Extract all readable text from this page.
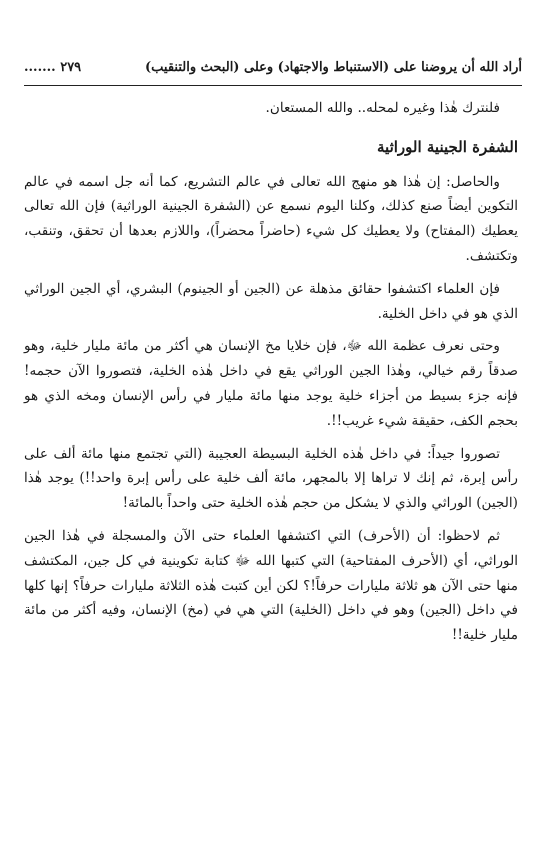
أراد الله أن يروضنا على (الاستنباط والاجتهاد) وعلى (البحث والتنقيب)
....... ٢٧٩

فلنترك هٰذا وغيره لمحله.. والله المستعان.

الشفرة الجينية الوراثية

والحاصل: إن هٰذا هو منهج الله تعالى في عالم التشريع، كما أنه جل اسمه في عالم التكوين أيضاً صنع كذلك، وكلنا اليوم نسمع عن (الشفرة الجينية الوراثية) فإن الله تعالى يعطيك (المفتاح) ولا يعطيك كل شيء (حاضراً محضراً)، واللازم بعدها أن تحقق، وتنقب، وتكتشف.

فإن العلماء اكتشفوا حقائق مذهلة عن (الجين أو الجينوم) البشري، أي الجين الوراثي الذي هو في داخل الخلية.

وحتى نعرف عظمة الله ﷻ، فإن خلايا مخ الإنسان هي أكثر من مائة مليار خلية، وهو صدقاً رقم خيالي، وهٰذا الجين الوراثي يقع في داخل هٰذه الخلية، فتصوروا الآن حجمه! فإنه جزء بسيط من أجزاء خلية يوجد منها مائة مليار في رأس الإنسان ومخه الذي هو بحجم الكف، حقيقة شيء غريب!!.

تصوروا جيداً: في داخل هٰذه الخلية البسيطة العجيبة (التي تجتمع منها مائة ألف على رأس إبرة، ثم إنك لا تراها إلا بالمجهر، مائة ألف خلية على رأس إبرة واحد!!) يوجد هٰذا (الجين) الوراثي والذي لا يشكل من حجم هٰذه الخلية حتى واحداً بالمائة!

ثم لاحظوا: أن (الأحرف) التي اكتشفها العلماء حتى الآن والمسجلة في هٰذا الجين الوراثي، أي (الأحرف المفتاحية) التي كتبها الله ﷻ كتابة تكوينية في كل جين، المكتشف منها حتى الآن هو ثلاثة مليارات حرفاً!؟ لكن أين كتبت هٰذه الثلاثة مليارات حرفاً؟ إنها كلها في داخل (الجين) وهو في داخل (الخلية) التي هي في (مخ) الإنسان، وفيه أكثر من مائة مليار خلية!!
